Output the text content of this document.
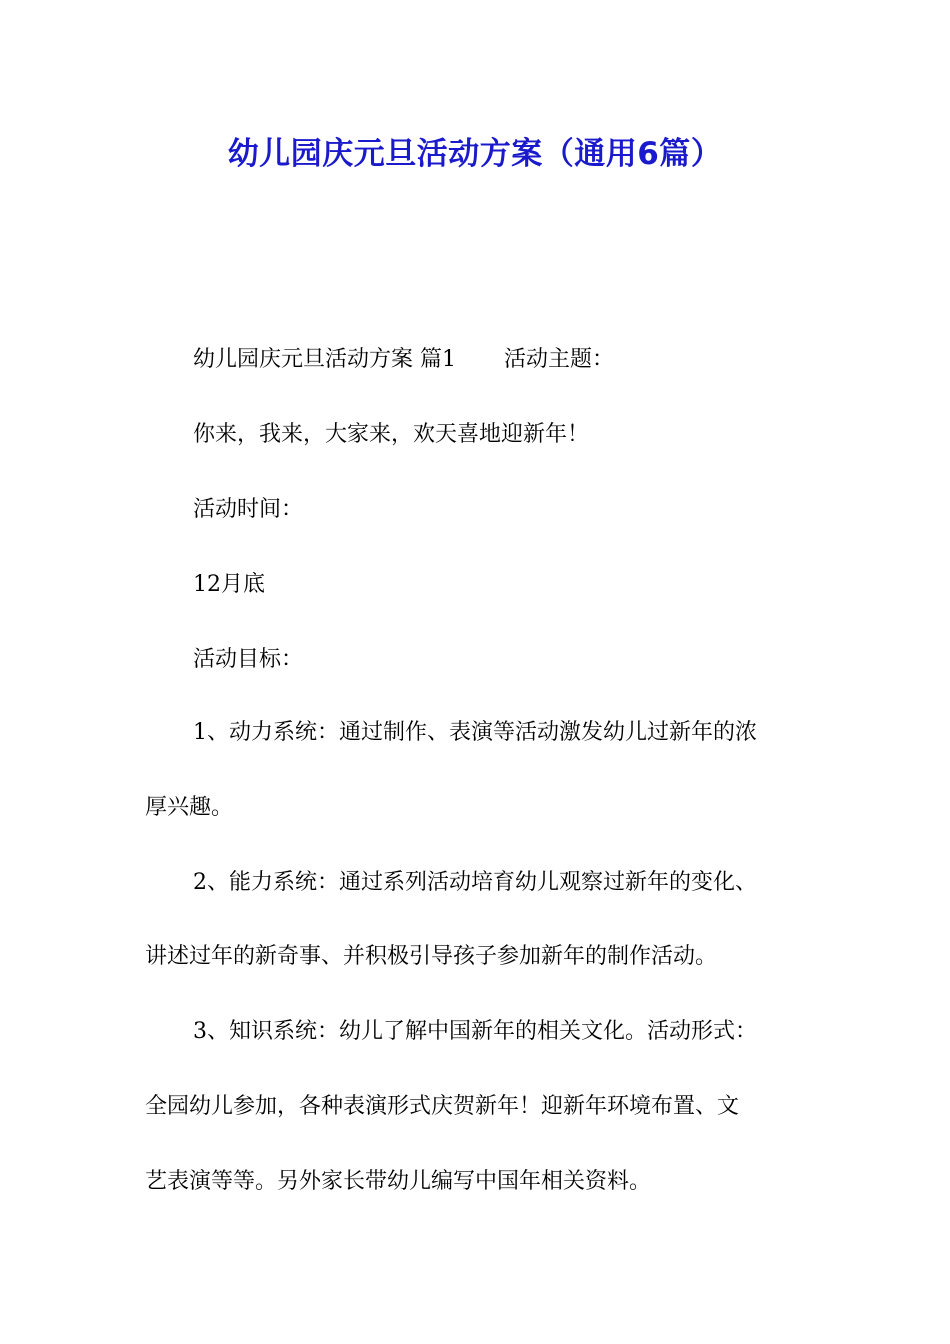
幼儿园庆元旦活动方案（通用6篇）
幼儿园庆元旦活动方案 篇1 活动主题：
你来，我来，大家来，欢天喜地迎新年！
活动时间：
12月底
活动目标：
1、动力系统：通过制作、表演等活动激发幼儿过新年的浓
厚兴趣。
2、能力系统：通过系列活动培育幼儿观察过新年的变化、
讲述过年的新奇事、并积极引导孩子参加新年的制作活动。
3、知识系统：幼儿了解中国新年的相关文化。活动形式：
全园幼儿参加，各种表演形式庆贺新年！迎新年环境布置、文
艺表演等等。另外家长带幼儿编写中国年相关资料。
